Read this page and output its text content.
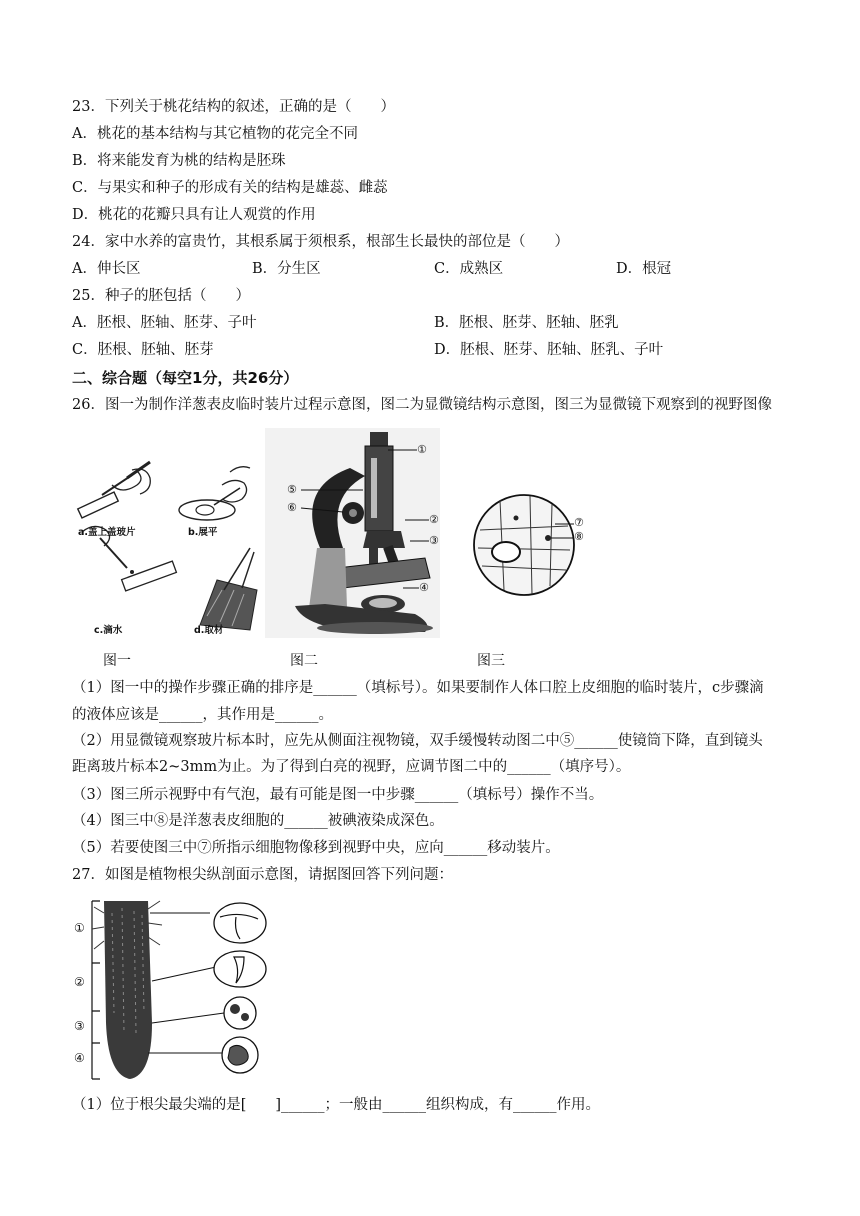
23．下列关于桃花结构的叙述，正确的是（　　）
A．桃花的基本结构与其它植物的花完全不同
B．将来能发育为桃的结构是胚珠
C．与果实和种子的形成有关的结构是雄蕊、雌蕊
D．桃花的花瓣只具有让人观赏的作用
24．家中水养的富贵竹，其根系属于须根系，根部生长最快的部位是（　　）
A．伸长区	B．分生区	C．成熟区	D．根冠
25．种子的胚包括（　　）
A．胚根、胚轴、胚芽、子叶	B．胚根、胚芽、胚轴、胚乳
C．胚根、胚轴、胚芽	D．胚根、胚芽、胚轴、胚乳、子叶
二、综合题（每空1分，共26分）
26．图一为制作洋葱表皮临时装片过程示意图，图二为显微镜结构示意图，图三为显微镜下观察到的视野图像
a.盖上盖玻片	b.展平
c.滴水	d.取材
①
②
③
④
⑤
⑥
⑦
⑧
图一	图二	图三
（1）图一中的操作步骤正确的排序是______（填标号）。如果要制作人体口腔上皮细胞的临时装片，c步骤滴
的液体应该是______，其作用是______。
（2）用显微镜观察玻片标本时，应先从侧面注视物镜，双手缓慢转动图二中⑤______使镜筒下降，直到镜头
距离玻片标本2~3mm为止。为了得到白亮的视野，应调节图二中的______（填序号）。
（3）图三所示视野中有气泡，最有可能是图一中步骤______（填标号）操作不当。
（4）图三中⑧是洋葱表皮细胞的______被碘液染成深色。
（5）若要使图三中⑦所指示细胞物像移到视野中央，应向______移动装片。
27．如图是植物根尖纵剖面示意图，请据图回答下列问题：
①
②
③
④
（1）位于根尖最尖端的是[　　]______；一般由______组织构成，有______作用。
